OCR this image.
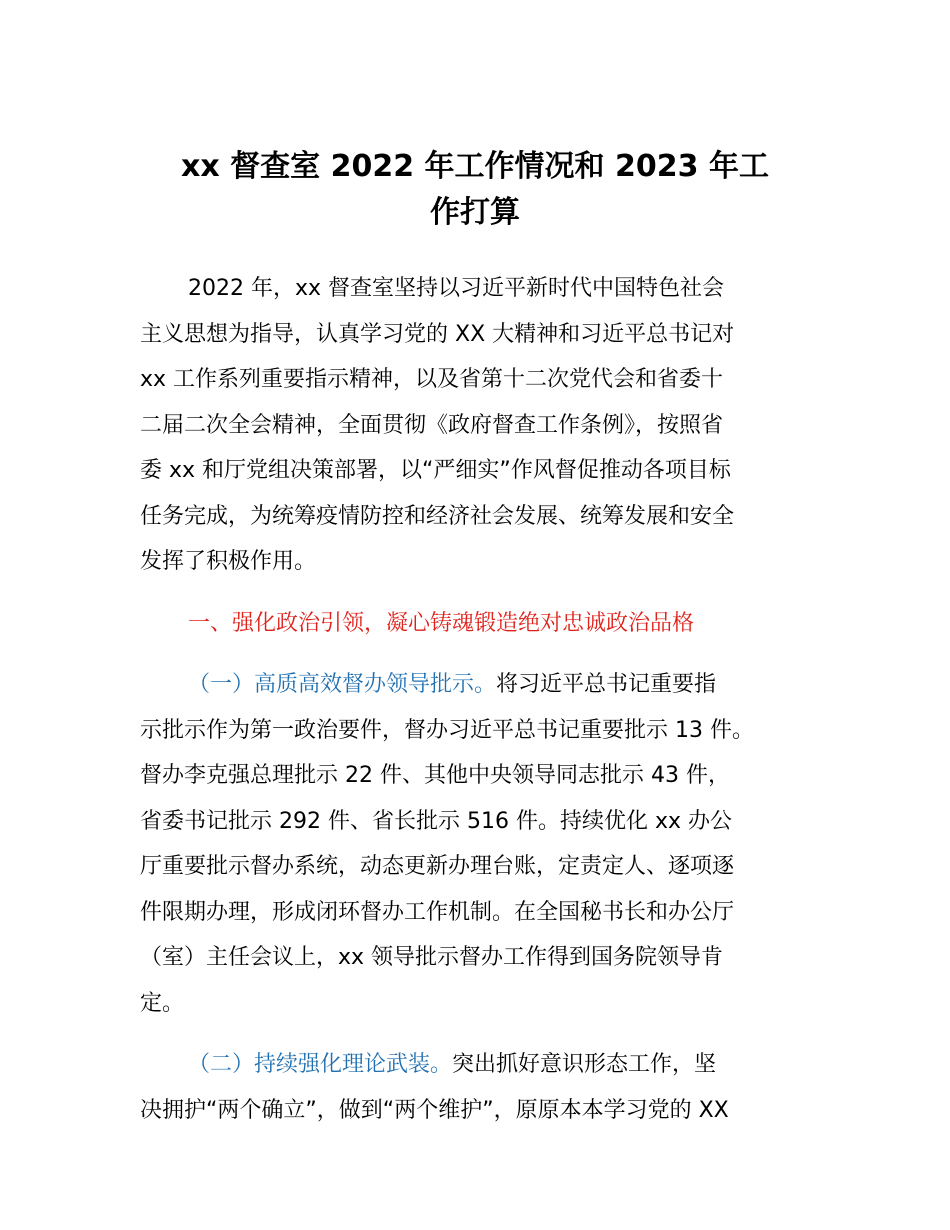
xx 督查室 2022 年工作情况和 2023 年工
作打算
2022 年，xx 督查室坚持以习近平新时代中国特色社会
主义思想为指导，认真学习党的 XX 大精神和习近平总书记对
xx 工作系列重要指示精神，以及省第十二次党代会和省委十
二届二次全会精神，全面贯彻《政府督查工作条例》，按照省
委 xx 和厅党组决策部署，以“严细实”作风督促推动各项目标
任务完成，为统筹疫情防控和经济社会发展、统筹发展和安全
发挥了积极作用。
一、强化政治引领，凝心铸魂锻造绝对忠诚政治品格
（一）高质高效督办领导批示。将习近平总书记重要指
示批示作为第一政治要件，督办习近平总书记重要批示 13 件。
督办李克强总理批示 22 件、其他中央领导同志批示 43 件，
省委书记批示 292 件、省长批示 516 件。持续优化 xx 办公
厅重要批示督办系统，动态更新办理台账，定责定人、逐项逐
件限期办理，形成闭环督办工作机制。在全国秘书长和办公厅
（室）主任会议上，xx 领导批示督办工作得到国务院领导肯
定。
（二）持续强化理论武装。突出抓好意识形态工作，坚
决拥护“两个确立”，做到“两个维护”，原原本本学习党的 XX
